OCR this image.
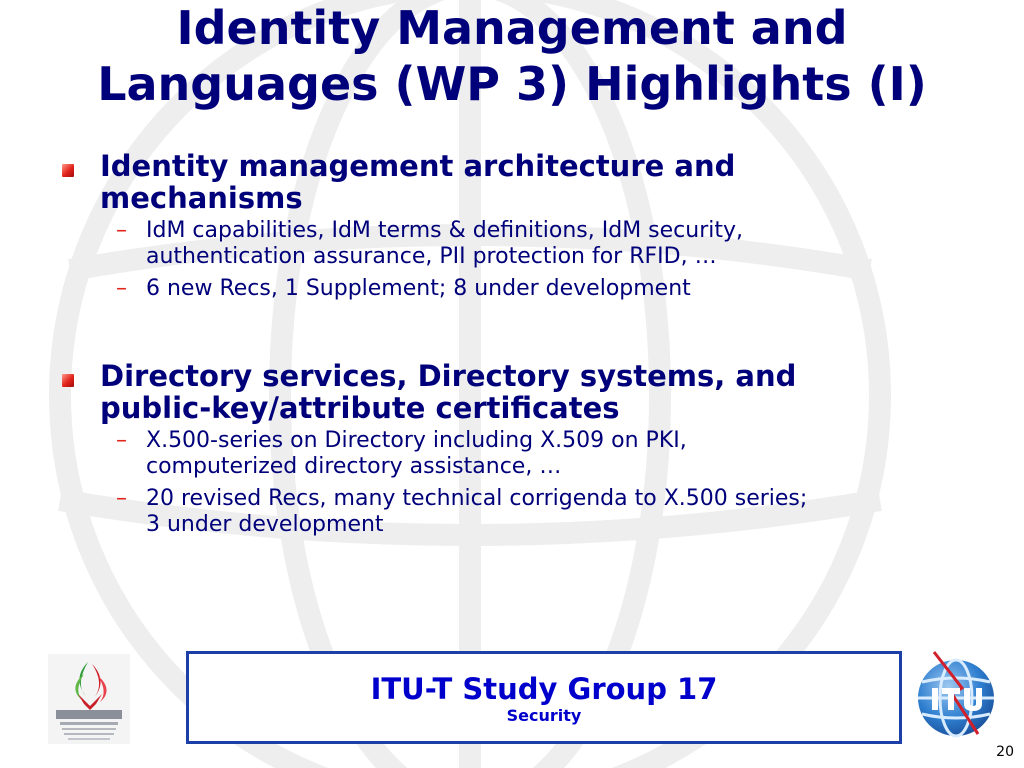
Identity Management and
Languages (WP 3) Highlights (I)
Identity management architecture and
mechanisms
– IdM capabilities, IdM terms & definitions, IdM security,
authentication assurance, PII protection for RFID, …
– 6 new Recs, 1 Supplement; 8 under development
Directory services, Directory systems, and
public-key/attribute certificates
– X.500-series on Directory including X.509 on PKI,
computerized directory assistance, …
– 20 revised Recs, many technical corrigenda to X.500 series;
3 under development
ITU-T Study Group 17
Security
20
